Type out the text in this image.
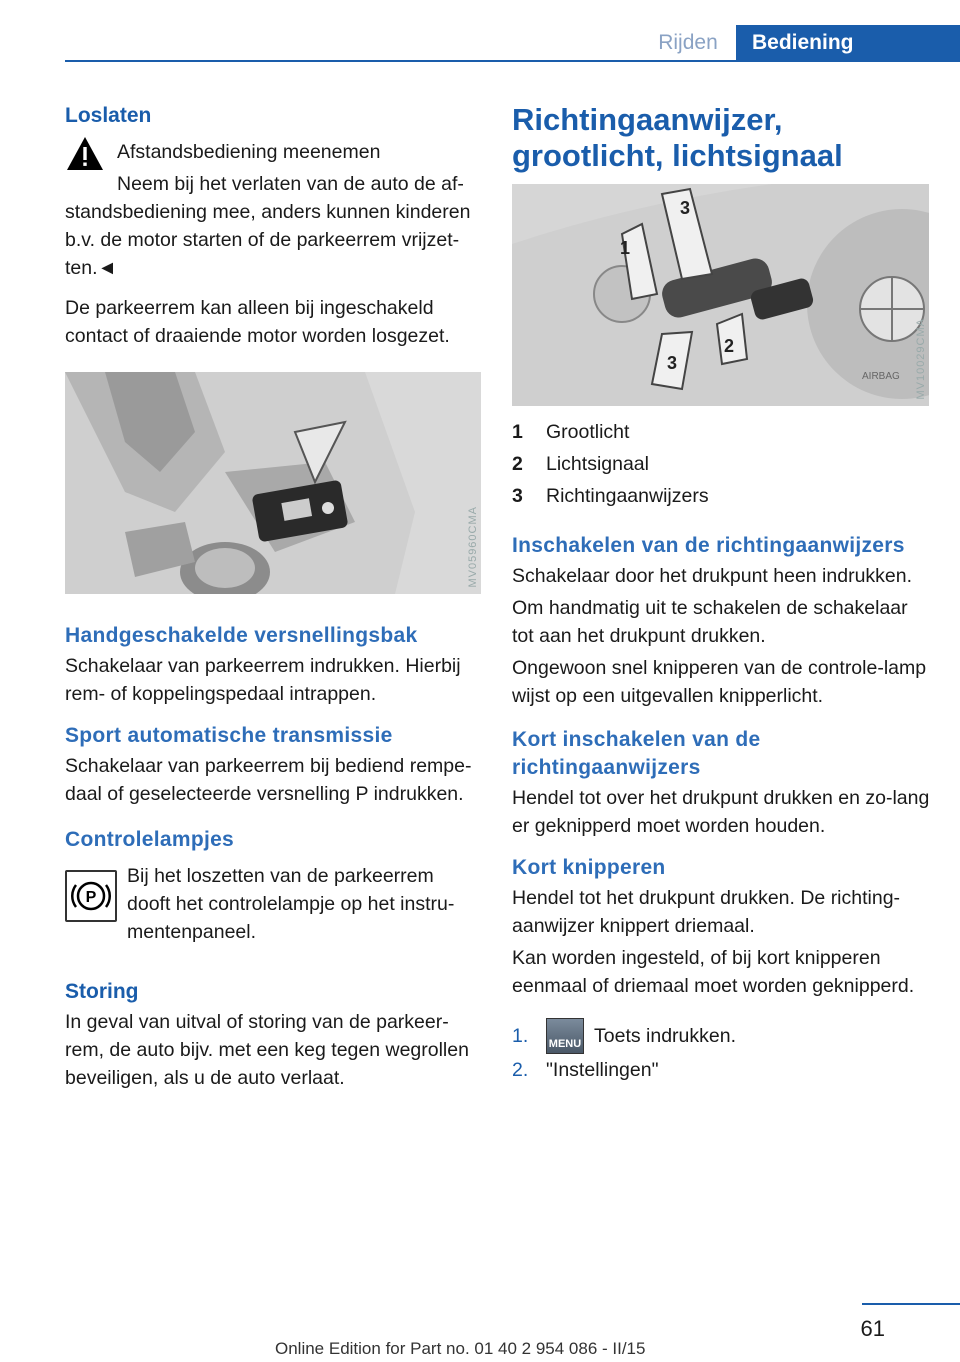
Rijden	Bediening
Loslaten

Afstandsbediening meenemen

Neem bij het verlaten van de auto de af-

standsbediening mee, anders kunnen kinderen b.v. de motor starten of de parkeerrem vrijzet-ten.◄

De parkeerrem kan alleen bij ingeschakeld contact of draaiende motor worden losgezet.

MV05960CMA
Handgeschakelde versnellingsbak

Schakelaar van parkeerrem indrukken. Hierbij rem- of koppelingspedaal intrappen.

Sport automatische transmissie

Schakelaar van parkeerrem bij bediend rempe-daal of geselecteerde versnelling P indrukken.

Controlelampjes
P

Bij het loszetten van de parkeerrem dooft het controlelampje op het instru-mentenpaneel.

Storing

In geval van uitval of storing van de parkeer-rem, de auto bijv. met een keg tegen wegrollen beveiligen, als u de auto verlaat.

Richtingaanwijzer, grootlicht, lichtsignaal
1
3
3
2
AIRBAG MV10029CMA
1	Grootlicht
2	Lichtsignaal
3	Richtingaanwijzers
Inschakelen van de richtingaanwijzers

Schakelaar door het drukpunt heen indrukken.

Om handmatig uit te schakelen de schakelaar tot aan het drukpunt drukken.

Ongewoon snel knipperen van de controle-lamp wijst op een uitgevallen knipperlicht.

Kort inschakelen van de richtingaanwijzers

Hendel tot over het drukpunt drukken en zo-lang er geknipperd moet worden houden.

Kort knipperen

Hendel tot het drukpunt drukken. De richting-aanwijzer knippert driemaal.

Kan worden ingesteld, of bij kort knipperen eenmaal of driemaal moet worden geknipperd.

1.	MENU Toets indrukken.
2. "Instellingen"
61
Online Edition for Part no. 01 40 2 954 086 - II/15
